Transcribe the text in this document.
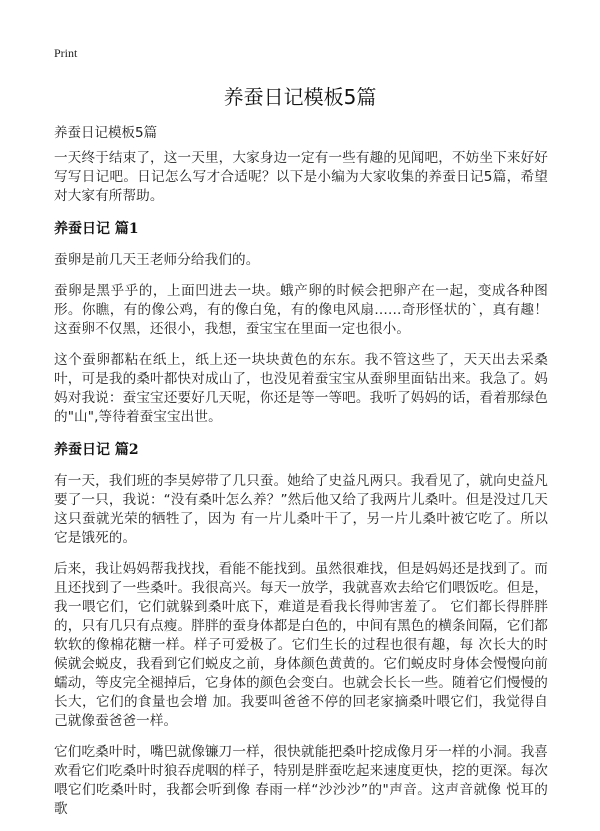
Print
养蚕日记模板5篇
养蚕日记模板5篇

一天终于结束了，这一天里，大家身边一定有一些有趣的见闻吧，不妨坐下来好好写写日记吧。日记怎么写才合适呢？以下是小编为大家收集的养蚕日记5篇，希望对大家有所帮助。

养蚕日记 篇1

蚕卵是前几天王老师分给我们的。

蚕卵是黑乎乎的，上面凹进去一块。蛾产卵的时候会把卵产在一起，变成各种图形。你瞧，有的像公鸡，有的像白兔，有的像电风扇……奇形怪状的`，真有趣！这蚕卵不仅黑，还很小，我想，蚕宝宝在里面一定也很小。

这个蚕卵都粘在纸上，纸上还一块块黄色的东东。我不管这些了，天天出去采桑叶，可是我的桑叶都快对成山了，也没见着蚕宝宝从蚕卵里面钻出来。我急了。妈妈对我说：蚕宝宝还要好几天呢，你还是等一等吧。我听了妈妈的话，看着那绿色的"山",等待着蚕宝宝出世。

养蚕日记 篇2

有一天，我们班的李昊婷带了几只蚕。她给了史益凡两只。我看见了，就向史益凡要了一只，我说：“没有桑叶怎么养？”然后他又给了我两片儿桑叶。但是没过几天这只蚕就光荣的牺牲了，因为 有一片儿桑叶干了，另一片儿桑叶被它吃了。所以它是饿死的。

后来，我让妈妈帮我找找，看能不能找到。虽然很难找，但是妈妈还是找到了。而且还找到了一些桑叶。我很高兴。每天一放学，我就喜欢去给它们喂饭吃。但是，我一喂它们，它们就躲到桑叶底下，难道是看我长得帅害羞了。 它们都长得胖胖的，只有几只有点瘦。胖胖的蚕身体都是白色的，中间有黑色的横条间隔，它们都软软的像棉花糖一样。样子可爱极了。它们生长的过程也很有趣，每 次长大的时候就会蜕皮，我看到它们蜕皮之前，身体颜色黄黄的。它们蜕皮时身体会慢慢向前蠕动，等皮完全褪掉后，它身体的颜色会变白。也就会长长一些。随着它们慢慢的长大，它们的食量也会增 加。我要叫爸爸不停的回老家摘桑叶喂它们，我觉得自己就像蚕爸爸一样。

它们吃桑叶时，嘴巴就像镰刀一样，很快就能把桑叶挖成像月牙一样的小洞。我喜欢看它们吃桑叶时狼吞虎咽的样子，特别是胖蚕吃起来速度更快，挖的更深。每次喂它们吃桑叶时，我都会听到像 春雨一样“沙沙沙”的"声音。这声音就像 悦耳的歌
